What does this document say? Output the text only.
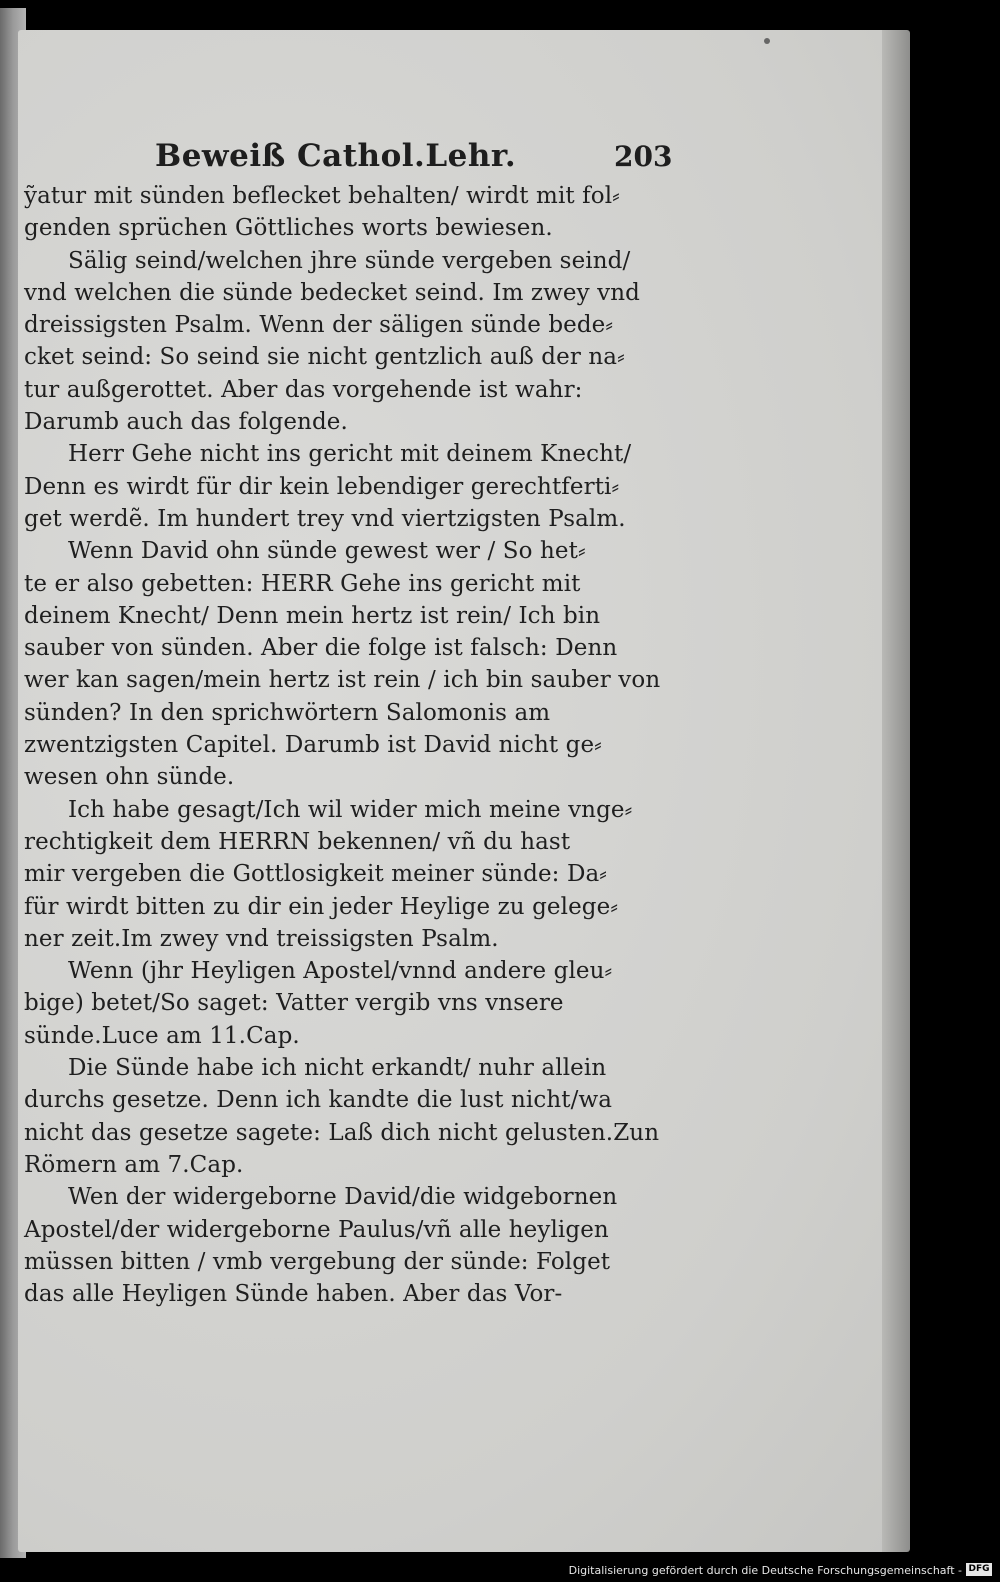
Beweiß Cathol.Lehr.	203
ỹatur mit sünden beflecket behalten/ wirdt mit fol⸗
genden sprüchen Göttliches worts bewiesen.
Sälig seind/welchen jhre sünde vergeben seind/
vnd welchen die sünde bedecket seind. Im zwey vnd
dreissigsten Psalm. Wenn der säligen sünde bede⸗
cket seind: So seind sie nicht gentzlich auß der na⸗
tur außgerottet. Aber das vorgehende ist wahr:
Darumb auch das folgende.
Herr Gehe nicht ins gericht mit deinem Knecht/
Denn es wirdt für dir kein lebendiger gerechtferti⸗
get werdẽ. Im hundert trey vnd viertzigsten Psalm.
Wenn David ohn sünde gewest wer / So het⸗
te er also gebetten: HERR Gehe ins gericht mit
deinem Knecht/ Denn mein hertz ist rein/ Ich bin
sauber von sünden. Aber die folge ist falsch: Denn
wer kan sagen/mein hertz ist rein / ich bin sauber von
sünden? In den sprichwörtern Salomonis am
zwentzigsten Capitel. Darumb ist David nicht ge⸗
wesen ohn sünde.
Ich habe gesagt/Ich wil wider mich meine vnge⸗
rechtigkeit dem HERRN bekennen/ vñ du hast
mir vergeben die Gottlosigkeit meiner sünde: Da⸗
für wirdt bitten zu dir ein jeder Heylige zu gelege⸗
ner zeit.Im zwey vnd treissigsten Psalm.
Wenn (jhr Heyligen Apostel/vnnd andere gleu⸗
bige) betet/So saget: Vatter vergib vns vnsere
sünde.Luce am 11.Cap.
Die Sünde habe ich nicht erkandt/ nuhr allein
durchs gesetze. Denn ich kandte die lust nicht/wa
nicht das gesetze sagete: Laß dich nicht gelusten.Zun
Römern am 7.Cap.
Wen der widergeborne David/die widgebornen
Apostel/der widergeborne Paulus/vñ alle heyligen
müssen bitten / vmb vergebung der sünde: Folget
das alle Heyligen Sünde haben. Aber das Vor-
Digitalisierung gefördert durch die Deutsche Forschungsgemeinschaft - DFG
